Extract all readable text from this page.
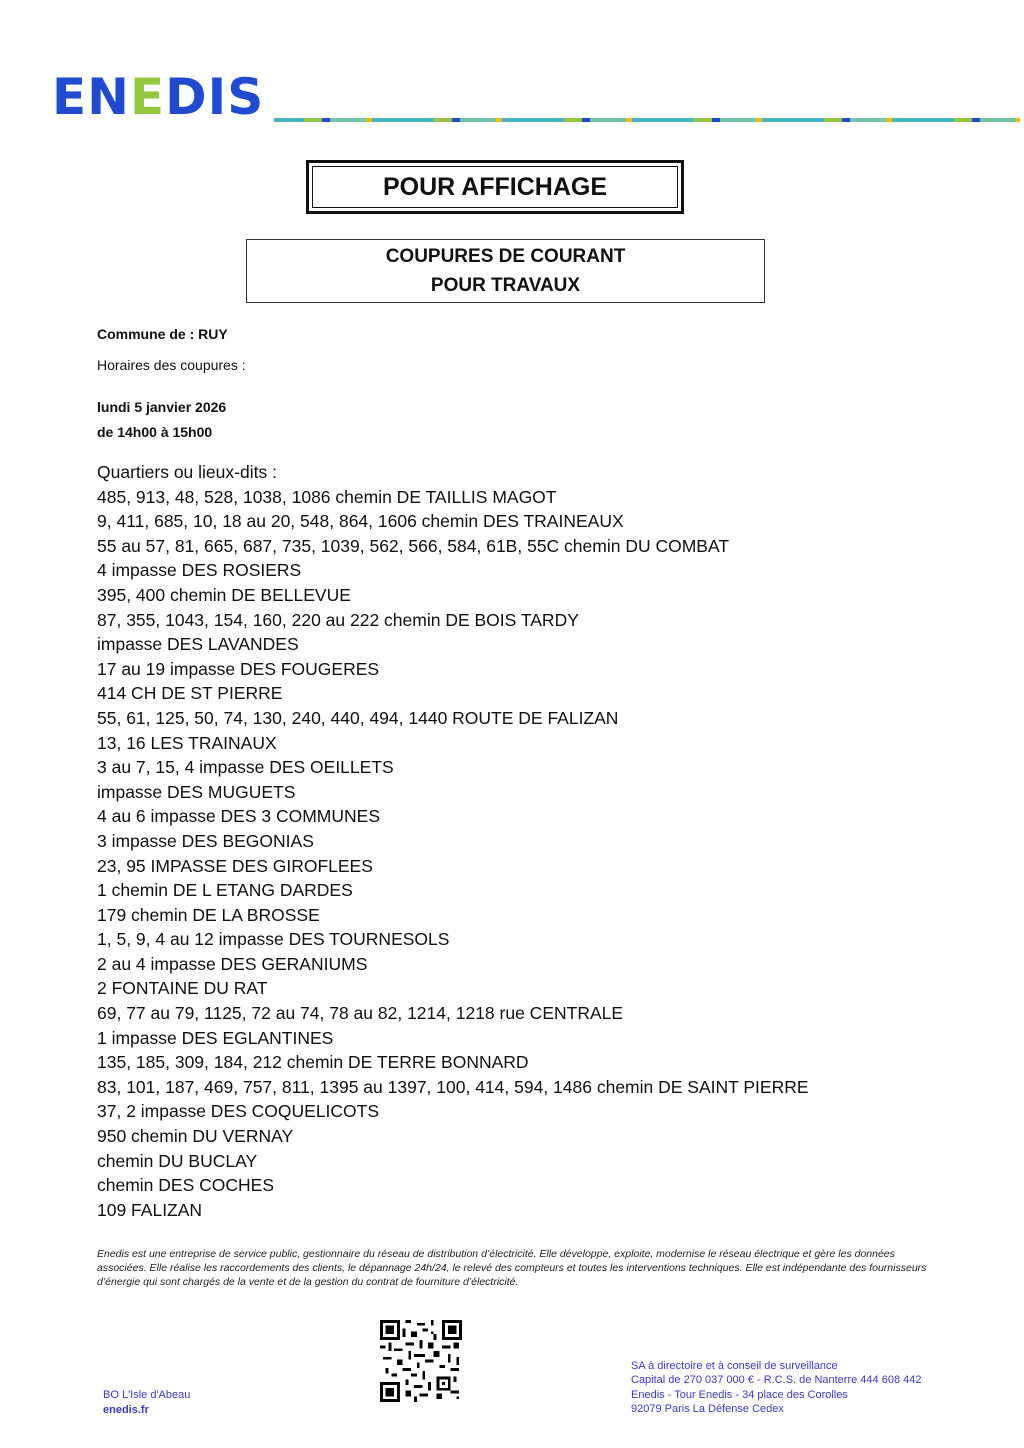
ENEDIS
POUR AFFICHAGE
COUPURES DE COURANT
POUR TRAVAUX
Commune de : RUY
Horaires des coupures :
lundi 5 janvier 2026
de 14h00 à 15h00
Quartiers ou lieux-dits :
485, 913, 48, 528, 1038, 1086 chemin DE TAILLIS MAGOT
9, 411, 685, 10, 18 au 20, 548, 864, 1606 chemin DES TRAINEAUX
55 au 57, 81, 665, 687, 735, 1039, 562, 566, 584, 61B, 55C chemin DU COMBAT
4 impasse DES ROSIERS
395, 400 chemin DE BELLEVUE
87, 355, 1043, 154, 160, 220 au 222 chemin DE BOIS TARDY
impasse DES LAVANDES
17 au 19 impasse DES FOUGERES
414 CH DE ST PIERRE
55, 61, 125, 50, 74, 130, 240, 440, 494, 1440 ROUTE DE FALIZAN
13, 16 LES TRAINAUX
3 au 7, 15, 4 impasse DES OEILLETS
impasse DES MUGUETS
4 au 6 impasse DES 3 COMMUNES
3 impasse DES BEGONIAS
23, 95 IMPASSE DES GIROFLEES
1 chemin DE L ETANG DARDES
179 chemin DE LA BROSSE
1, 5, 9, 4 au 12 impasse DES TOURNESOLS
2 au 4 impasse DES GERANIUMS
2 FONTAINE DU RAT
69, 77 au 79, 1125, 72 au 74, 78 au 82, 1214, 1218 rue CENTRALE
1 impasse DES EGLANTINES
135, 185, 309, 184, 212 chemin DE TERRE BONNARD
83, 101, 187, 469, 757, 811, 1395 au 1397, 100, 414, 594, 1486 chemin DE SAINT PIERRE
37, 2 impasse DES COQUELICOTS
950 chemin DU VERNAY
chemin DU BUCLAY
chemin DES COCHES
109 FALIZAN
Enedis est une entreprise de service public, gestionnaire du réseau de distribution d’électricité. Elle développe, exploite, modernise le réseau électrique et gère les données associées. Elle réalise les raccordements des clients, le dépannage 24h/24, le relevé des compteurs et toutes les interventions techniques. Elle est indépendante des fournisseurs d’énergie qui sont chargés de la vente et de la gestion du contrat de fourniture d’électricité.
BO L'Isle d'Abeau
enedis.fr
SA à directoire et à conseil de surveillance
Capital de 270 037 000 € - R.C.S. de Nanterre 444 608 442
Enedis - Tour Enedis - 34 place des Corolles
92079 Paris La Défense Cedex
